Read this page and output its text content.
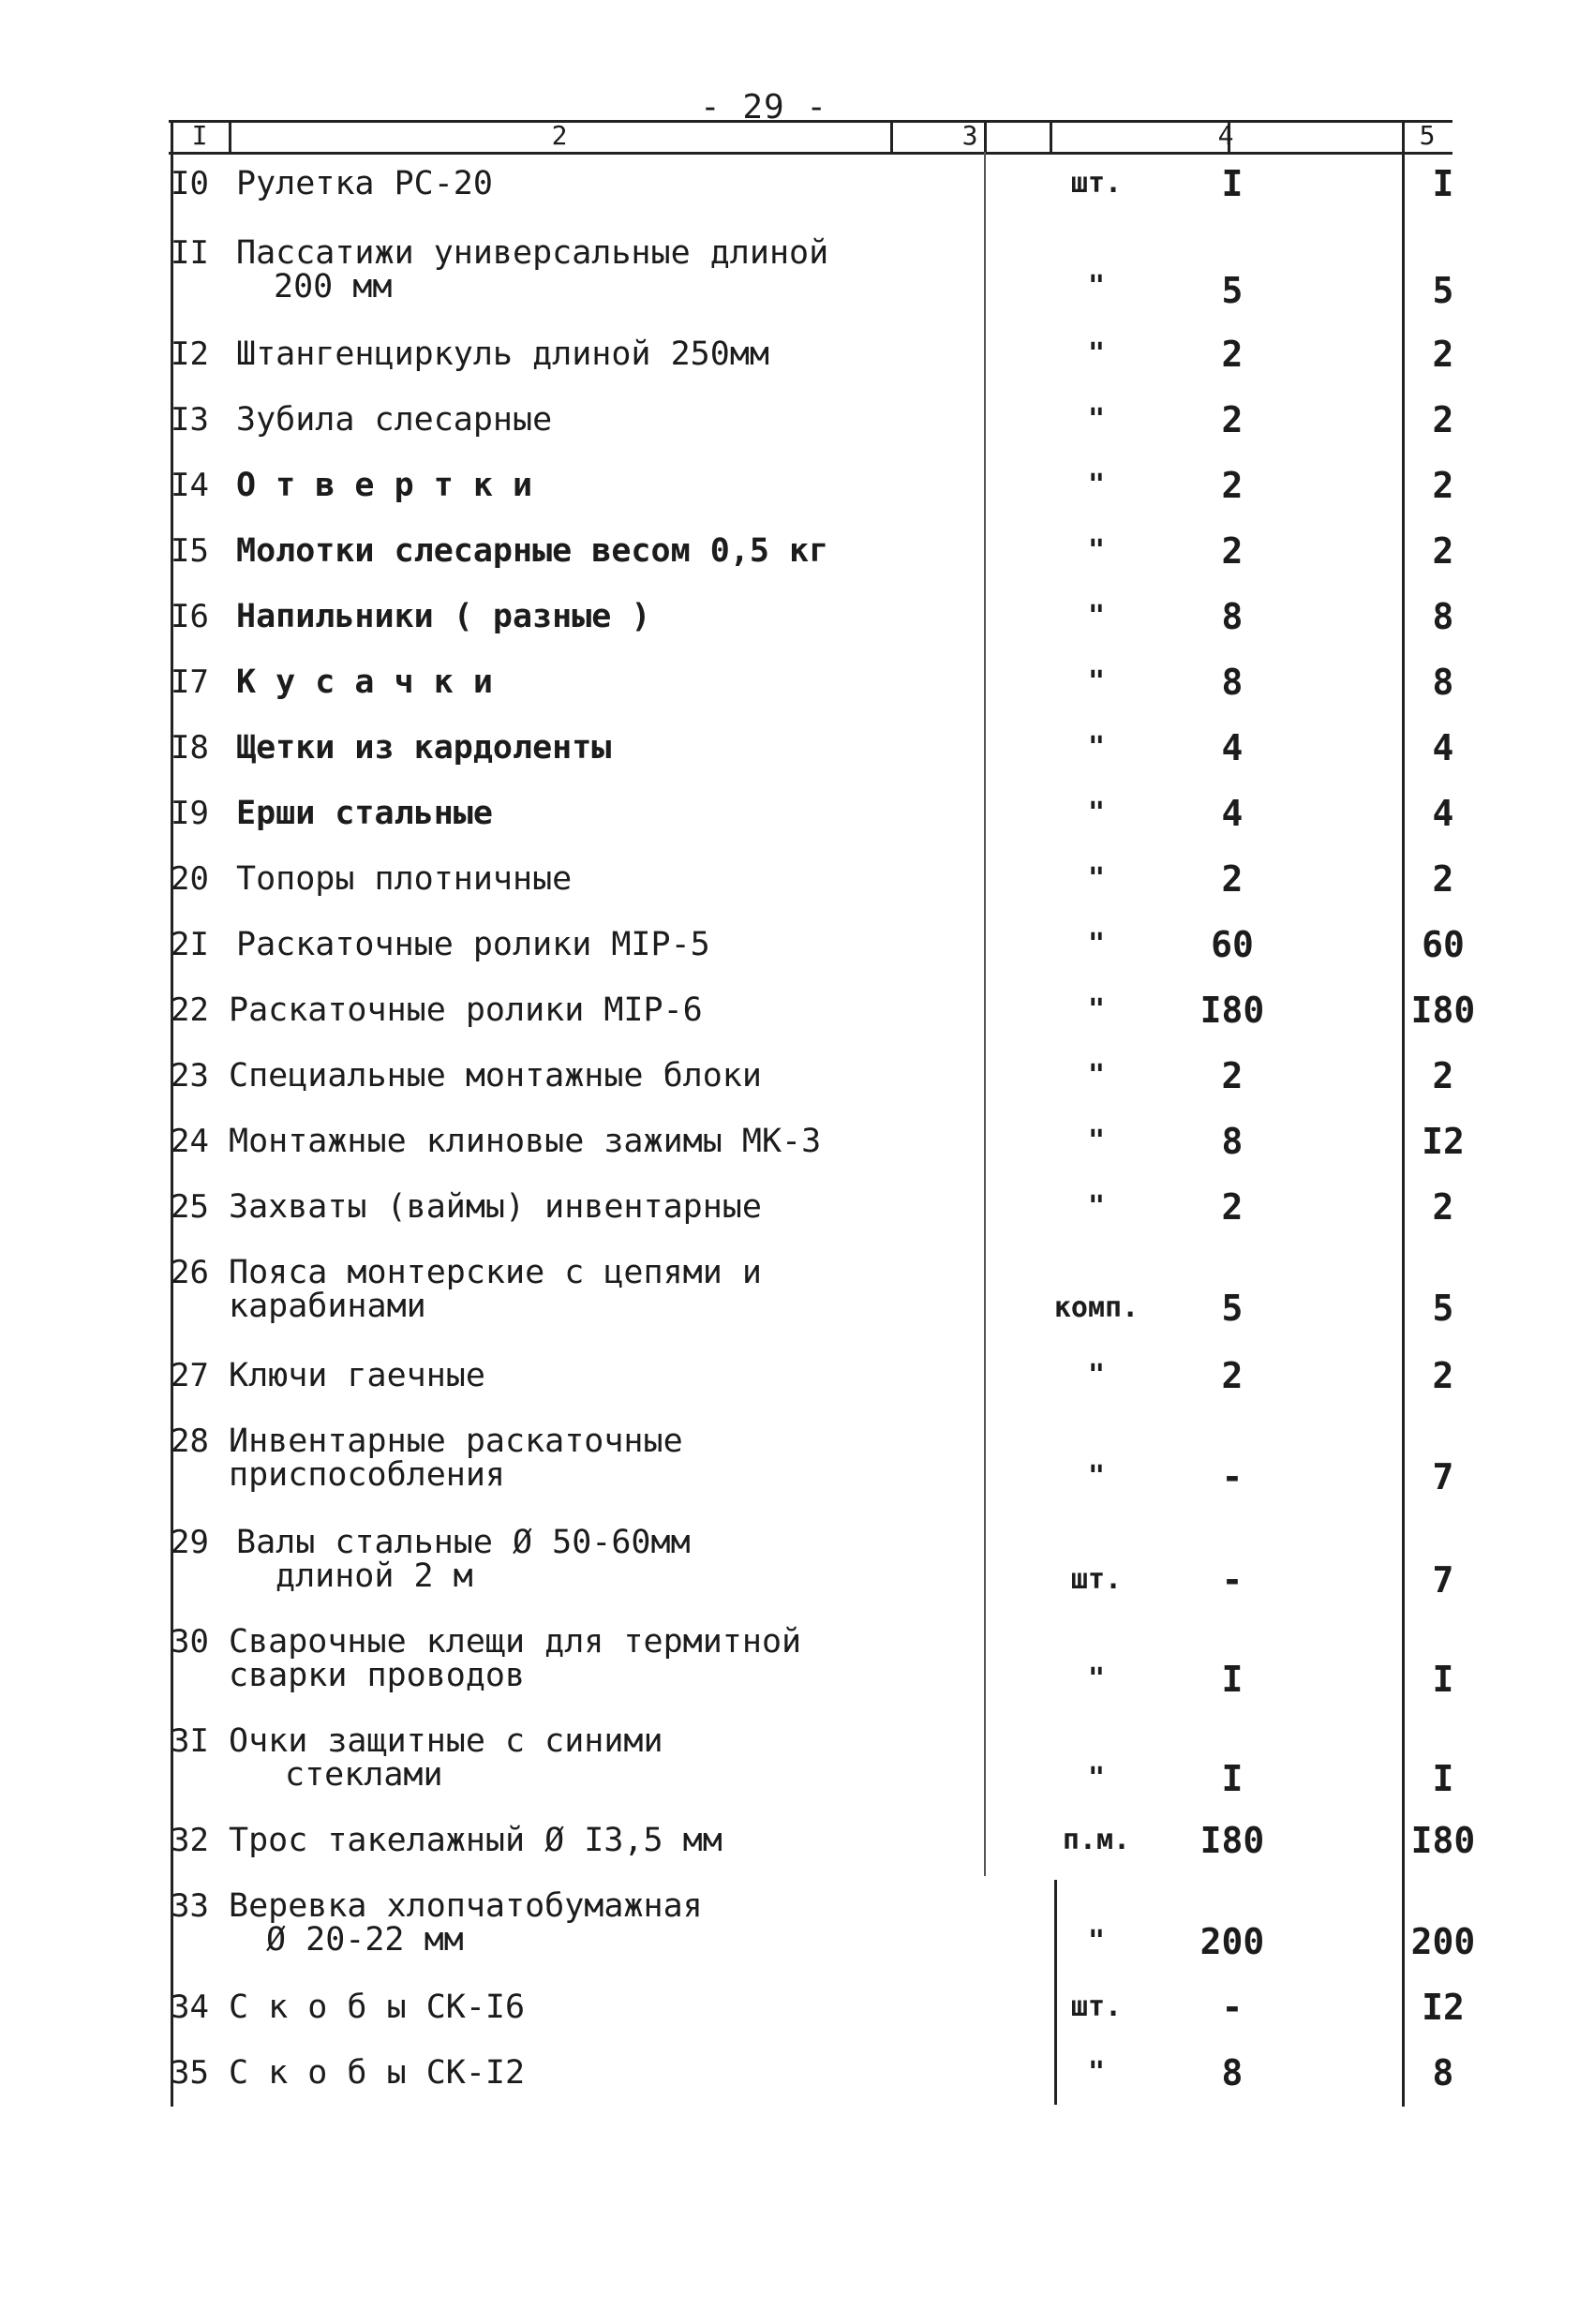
- 29 -
I	2	3	4	5
I0 Рулетка РС-20	шт.	I	I
II Пассатижи универсальные длиной
200 мм	"	5	5
I2 Штангенциркуль длиной 250мм	"	2	2
I3 Зубила слесарные	"	2	2
I4 О т в е р т к и	"	2	2
I5 Молотки слесарные весом 0,5 кг	"	2	2
I6 Напильники ( разные )	"	8	8
I7 К у с а ч к и	"	8	8
I8 Щетки из кардоленты	"	4	4
I9 Ерши стальные	"	4	4
20 Топоры плотничные	"	2	2
2I Раскаточные ролики МIР-5	"	60	60
22 Раскаточные ролики МIР-6	"	I80	I80
23 Специальные монтажные блоки	"	2	2
24 Монтажные клиновые зажимы МК-3	"	8	I2
25 Захваты (ваймы) инвентарные	"	2	2
26 Пояса монтерские с цепями и
карабинами	комп.	5	5
27 Ключи гаечные	"	2	2
28 Инвентарные раскаточные
приспособления	"	-	7
29 Валы стальные Ø 50-60мм
длиной 2 м	шт.	-	7
30 Сварочные клещи для термитной
сварки проводов	"	I	I
3I Очки защитные с синими
стеклами	"	I	I
32 Трос такелажный Ø I3,5 мм	п.м.	I80	I80
33 Веревка хлопчатобумажная
Ø 20-22 мм	"	200	200
34 С к о б ы СК-I6	шт.	-	I2
35 С к о б ы СК-I2	"	8	8
